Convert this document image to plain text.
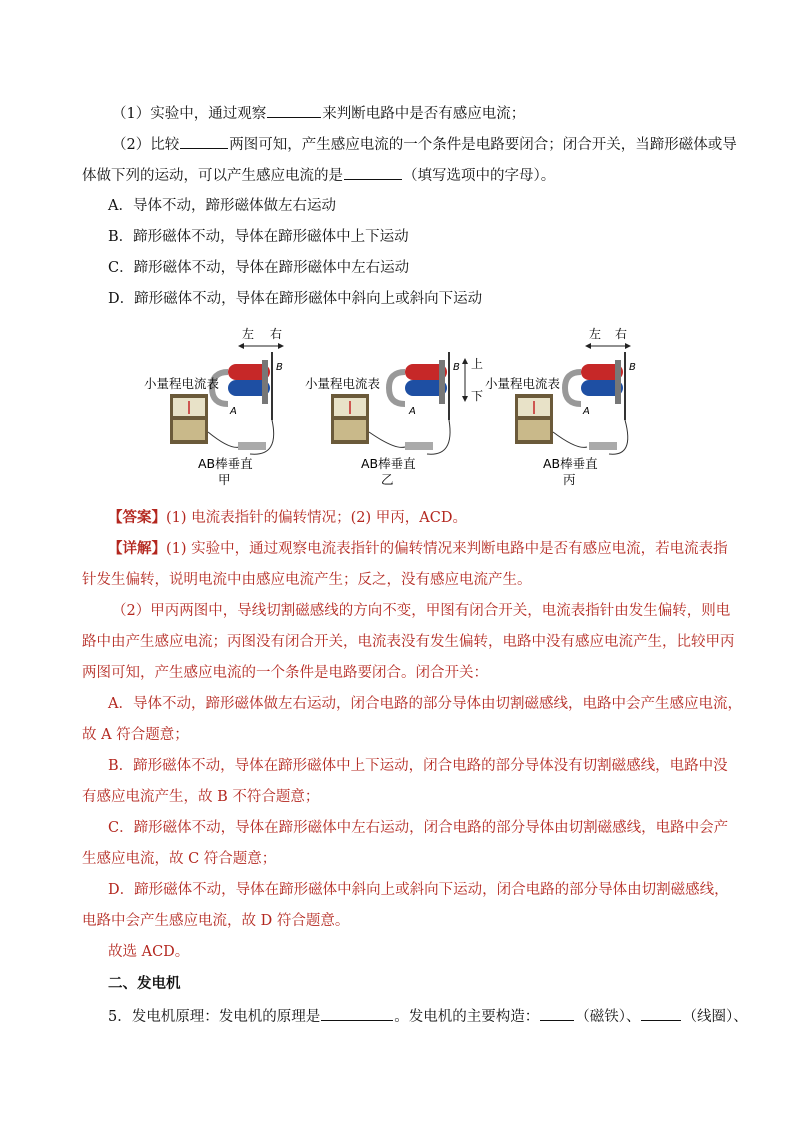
（1）实验中，通过观察	来判断电路中是否有感应电流；
（2）比较	两图可知，产生感应电流的一个条件是电路要闭合；闭合开关，当蹄形磁体或导
体做下列的运动，可以产生感应电流的是	（填写选项中的字母）。
A．导体不动，蹄形磁体做左右运动
B．蹄形磁体不动，导体在蹄形磁体中上下运动
C．蹄形磁体不动，导体在蹄形磁体中左右运动
D．蹄形磁体不动，导体在蹄形磁体中斜向上或斜向下运动
左 右
B
A
小量程电流表
AB棒垂直
甲
B
A
上
下
小量程电流表
AB棒垂直
乙
左 右
B
A
小量程电流表
AB棒垂直
丙
【答案】(1) 电流表指针的偏转情况；(2) 甲丙，ACD。
【详解】(1) 实验中，通过观察电流表指针的偏转情况来判断电路中是否有感应电流，若电流表指
针发生偏转，说明电流中由感应电流产生；反之，没有感应电流产生。
（2）甲丙两图中，导线切割磁感线的方向不变，甲图有闭合开关，电流表指针由发生偏转，则电
路中由产生感应电流；丙图没有闭合开关，电流表没有发生偏转，电路中没有感应电流产生，比较甲丙
两图可知，产生感应电流的一个条件是电路要闭合。闭合开关：
A．导体不动，蹄形磁体做左右运动，闭合电路的部分导体由切割磁感线，电路中会产生感应电流，
故 A 符合题意；
B．蹄形磁体不动，导体在蹄形磁体中上下运动，闭合电路的部分导体没有切割磁感线，电路中没
有感应电流产生，故 B 不符合题意；
C．蹄形磁体不动，导体在蹄形磁体中左右运动，闭合电路的部分导体由切割磁感线，电路中会产
生感应电流，故 C 符合题意；
D．蹄形磁体不动，导体在蹄形磁体中斜向上或斜向下运动，闭合电路的部分导体由切割磁感线，
电路中会产生感应电流，故 D 符合题意。
故选 ACD。
二、发电机
5．发电机原理：发电机的原理是	。发电机的主要构造： （磁铁）、	（线圈）、
